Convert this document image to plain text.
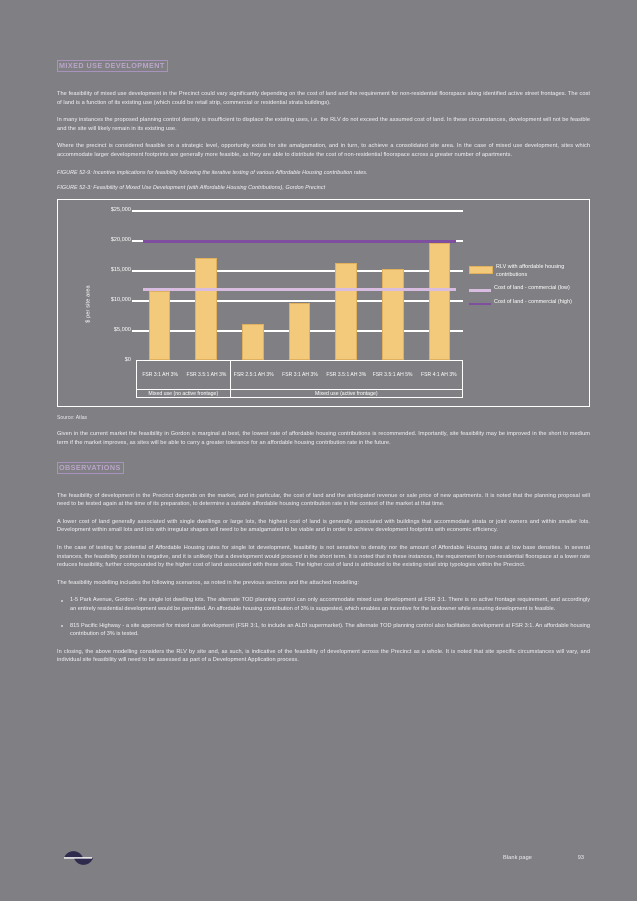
MIXED USE DEVELOPMENT

The feasibility of mixed use development in the Precinct could vary significantly depending on the cost of land and the requirement for non-residential floorspace along identified active street frontages. The cost of land is a function of its existing use (which could be retail strip, commercial or residential strata buildings).

In many instances the proposed planning control density is insufficient to displace the existing uses, i.e. the RLV do not exceed the assumed cost of land. In these circumstances, development will not be feasible and the site will likely remain in its existing use.

Where the precinct is considered feasible on a strategic level, opportunity exists for site amalgamation, and in turn, to achieve a consolidated site area. In the case of mixed use development, sites which accommodate larger development footprints are generally more feasible, as they are able to distribute the cost of non-residential floorspace across a greater number of apartments.

FIGURE 52-9: Incentive implications for feasibility following the iterative testing of various Affordable Housing contribution rates.

FIGURE 52-3: Feasibility of Mixed Use Development (with Affordable Housing Contributions), Gordon Precinct

$ per site area
$0
$5,000
$10,000
$15,000
$20,000
$25,000
FSR 3:1 AH 3%	FSR 3.5:1 AH 3%
Mixed use (no active frontage)
FSR 2.5:1 AH 3%	FSR 3:1 AH 3%	FSR 3.5:1 AH 3%	FSR 3.5:1 AH 5%	FSR 4:1 AH 3%
Mixed use (active frontage)
RLV with affordable housing contributions
Cost of land - commercial (low)
Cost of land - commercial (high)

Source: Atlas

Given in the current market the feasibility in Gordon is marginal at best, the lowest rate of affordable housing contributions is recommended. Importantly, site feasibility may be improved in the short to medium term if the market improves, as sites will be able to carry a greater tolerance for an affordable housing contribution rate in the future.

OBSERVATIONS

The feasibility of development in the Precinct depends on the market, and in particular, the cost of land and the anticipated revenue or sale price of new apartments. It is noted that the planning proposal will need to be tested again at the time of its preparation, to determine a suitable affordable housing contribution rate in the context of the market at that time.

A lower cost of land generally associated with single dwellings or large lots, the highest cost of land is generally associated with buildings that accommodate strata or joint owners and within smaller lots. Development within small lots and lots with irregular shapes will need to be amalgamated to be viable and in order to achieve development footprints with economic efficiency.

In the case of testing for potential of Affordable Housing rates for single lot development, feasibility is not sensitive to density nor the amount of Affordable Housing rates at low base densities. In several instances, the feasibility position is negative, and it is unlikely that a development would proceed in the short term. It is noted that in these instances, the requirement for non-residential floorspace at a lower rate reduces feasibility, further compounded by the higher cost of land associated with these sites. The higher cost of land is attributed to the existing retail strip typologies within the Precinct.

The feasibility modelling includes the following scenarios, as noted in the previous sections and the attached modelling:

1-5 Park Avenue, Gordon - the single lot dwelling lots. The alternate TOD planning control can only accommodate mixed use development at FSR 3:1. There is no active frontage requirement, and accordingly an entirely residential development would be permitted. An affordable housing contribution of 3% is suggested, which enables an incentive for the landowner while ensuring development is feasible.
815 Pacific Highway - a site approved for mixed use development (FSR 3:1, to include an ALDI supermarket). The alternate TOD planning control also facilitates development at FSR 3:1. An affordable housing contribution of 3% is tested.

In closing, the above modelling considers the RLV by site and, as such, is indicative of the feasibility of development across the Precinct as a whole. It is noted that site specific circumstances will vary, and individual site feasibility will need to be assessed as part of a Development Application process.

Blank page	93
